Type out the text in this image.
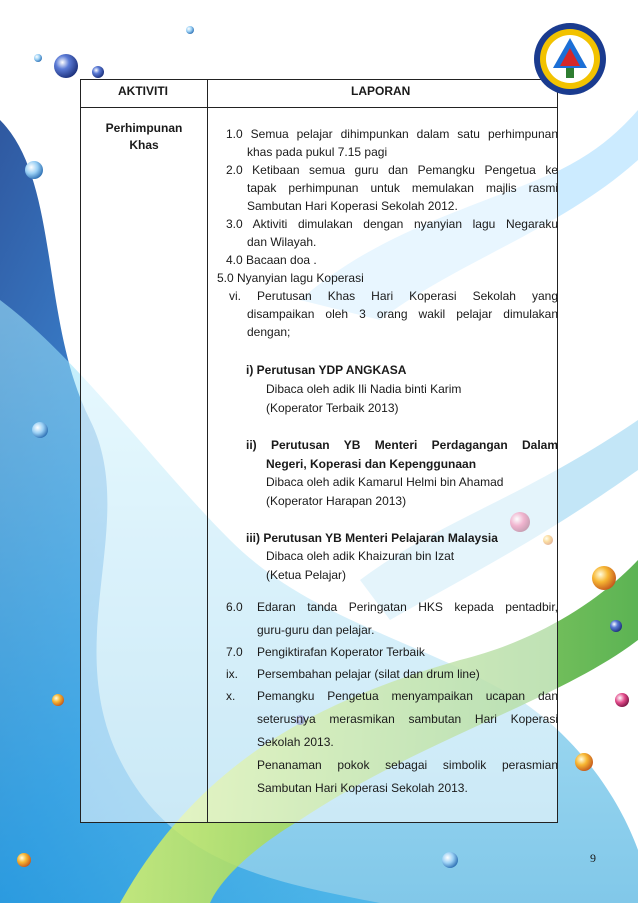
AKTIVITI	LAPORAN
Perhimpunan
Khas
1.0 Semua pelajar dihimpunkan dalam satu perhimpunan
khas pada pukul 7.15 pagi
2.0 Ketibaan semua guru dan Pemangku Pengetua ke
tapak perhimpunan untuk memulakan majlis rasmi
Sambutan Hari Koperasi Sekolah 2012.
3.0 Aktiviti dimulakan dengan nyanyian lagu Negaraku
dan Wilayah.
4.0 Bacaan doa .
5.0 Nyanyian lagu Koperasi
vi. Perutusan Khas Hari Koperasi Sekolah yang
disampaikan oleh 3 orang wakil pelajar dimulakan
dengan;
i) Perutusan YDP ANGKASA
Dibaca oleh adik Ili Nadia binti Karim
(Koperator Terbaik 2013)
ii) Perutusan YB Menteri Perdagangan Dalam
Negeri, Koperasi dan Kepenggunaan
Dibaca oleh adik Kamarul Helmi bin Ahamad
(Koperator Harapan 2013)
iii) Perutusan YB Menteri Pelajaran Malaysia
Dibaca oleh adik Khaizuran bin Izat
(Ketua Pelajar)
6.0 Edaran tanda Peringatan HKS kepada pentadbir,
guru-guru dan pelajar.
7.0 Pengiktirafan Koperator Terbaik
ix. Persembahan pelajar (silat dan drum line)
x. Pemangku Pengetua menyampaikan ucapan dan
seterusnya merasmikan sambutan Hari Koperasi
Sekolah 2013.
Penanaman pokok sebagai simbolik perasmian
Sambutan Hari Koperasi Sekolah 2013.
9
